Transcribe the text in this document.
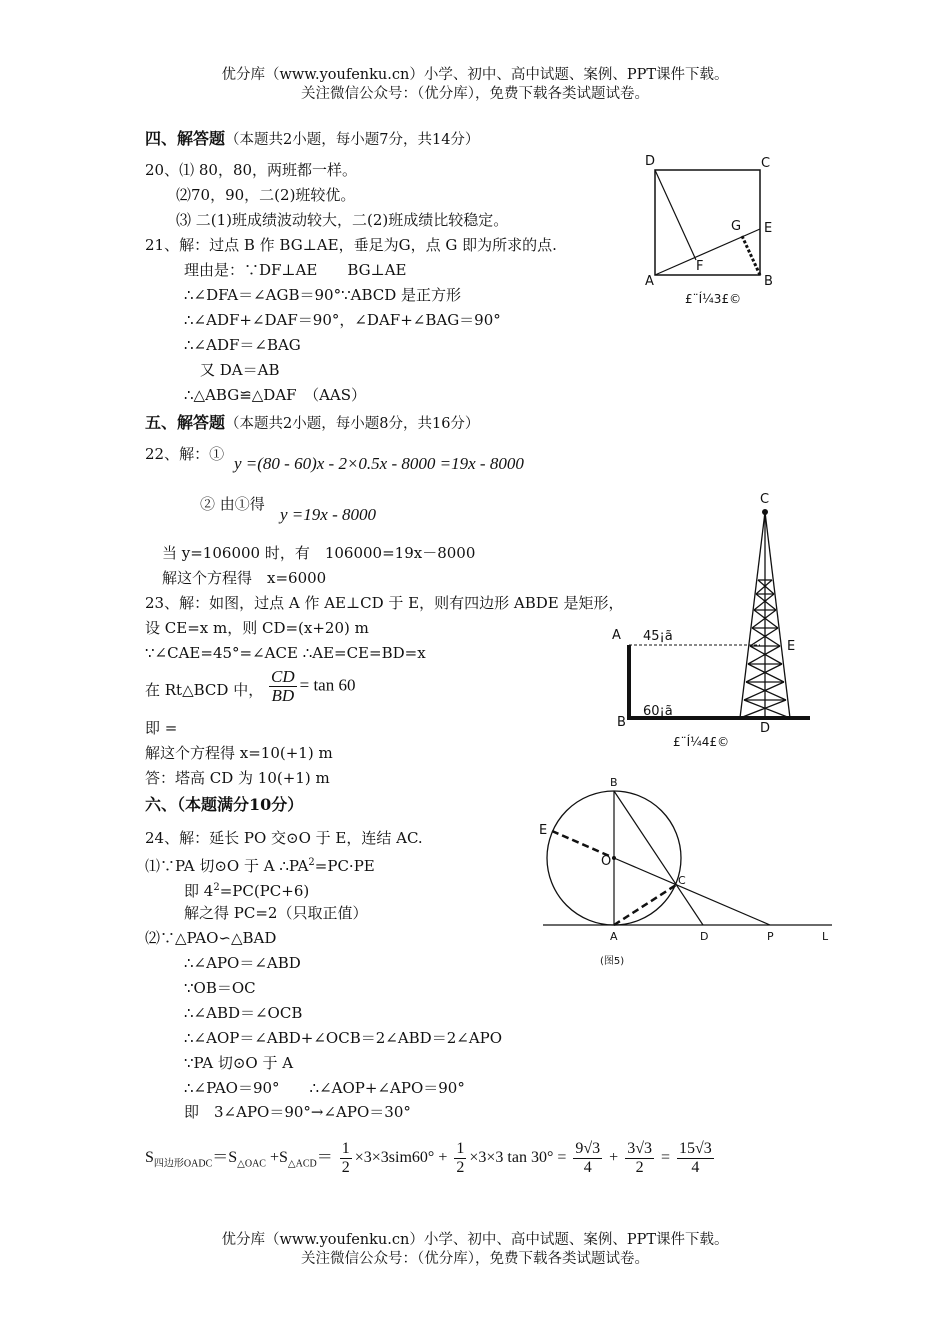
优分库（www.youfenku.cn）小学、初中、高中试题、案例、PPT课件下载。
关注微信公众号：（优分库），免费下载各类试题试卷。
四、解答题（本题共2小题，每小题7分，共14分）
20、⑴ 80，80，两班都一样。
⑵70，90，二(2)班较优。
⑶ 二(1)班成绩波动较大，二(2)班成绩比较稳定。
21、解：过点 B 作 BG⊥AE，垂足为G，点 G 即为所求的点.
理由是：∵DF⊥AE　　BG⊥AE
∴∠DFA＝∠AGB＝90°∵ABCD 是正方形
∴∠ADF+∠DAF＝90°，∠DAF+∠BAG＝90°
∴∠ADF＝∠BAG
又 DA＝AB
∴△ABG≌△DAF　（AAS）
五、解答题（本题共2小题，每小题8分，共16分）
22、解：① y =(80 - 60)x - 2×0.5x - 8000 =19x - 8000
② 由①得
y =19x - 8000
当 y=106000 时，有　106000=19x－8000
解这个方程得　x=6000
23、解：如图，过点 A 作 AE⊥CD 于 E，则有四边形 ABDE 是矩形，
设 CE=x m，则 CD=(x+20) m
∵∠CAE=45°=∠ACE ∴AE=CE=BD=x
在 Rt△BCD 中， $\frac{CD}{BD} = \tan 60$
即 =
解这个方程得 x=10(+1) m
答：塔高 CD 为 10(+1) m
六、（本题满分10分）
24、解：延长 PO 交⊙O 于 E，连结 AC.
⑴∵PA 切⊙O 于 A $\therefore PA^2=PC\cdot PE$
即 $4^2=PC(PC+6)$
解之得 PC=2（只取正值）
⑵∵△PAO∽△BAD
∴∠APO＝∠ABD
∵OB＝OC
∴∠ABD＝∠OCB
∴∠AOP＝∠ABD+∠OCB＝2∠ABD＝2∠APO
∵PA 切⊙O 于 A
∴∠PAO＝90°　　∴∠AOP+∠APO＝90°
即　3∠APO＝90°→∠APO＝30°
$S_{四边形OADC}=S_{\triangle OAC} +S_{\triangle ACD}= \frac{1}{2} \times 3\times 3sim60^\circ + \frac{1}{2} \times 3\times 3$ $\tan 30^\circ = \frac{9√3}{4} + \frac{3√3}{2} = \frac{15√3}{4}$
D	C
G E
F
A	B
£¨Í¼3£©
C
A 45¡ã
E
60¡ã
B	D
£¨Í¼4£©
B
E
O
C
A	D	P	L
(图5)
优分库（www.youfenku.cn）小学、初中、高中试题、案例、PPT课件下载。
关注微信公众号：（优分库），免费下载各类试题试卷。
